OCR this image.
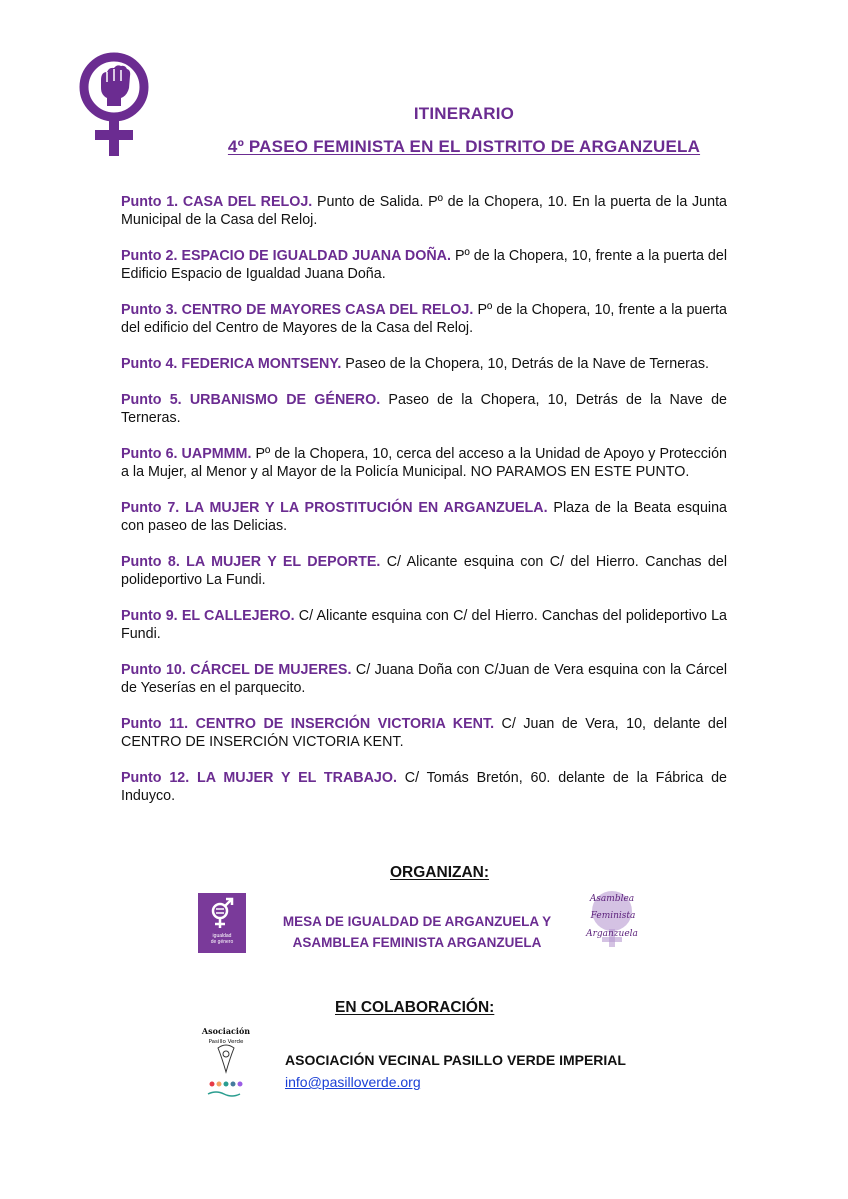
ITINERARIO
4º PASEO FEMINISTA EN EL DISTRITO DE ARGANZUELA

Punto 1. CASA DEL RELOJ. Punto de Salida. Pº de la Chopera, 10. En la puerta de la Junta Municipal de la Casa del Reloj.

Punto 2. ESPACIO DE IGUALDAD JUANA DOÑA. Pº de la Chopera, 10, frente a la puerta del Edificio Espacio de Igualdad Juana Doña.

Punto 3. CENTRO DE MAYORES CASA DEL RELOJ. Pº de la Chopera, 10, frente a la puerta del edificio del Centro de Mayores de la Casa del Reloj.

Punto 4. FEDERICA MONTSENY. Paseo de la Chopera, 10, Detrás de la Nave de Terneras.

Punto 5. URBANISMO DE GÉNERO. Paseo de la Chopera, 10, Detrás de la Nave de Terneras.

Punto 6. UAPMMM. Pº de la Chopera, 10, cerca del acceso a la Unidad de Apoyo y Protección a la Mujer, al Menor y al Mayor de la Policía Municipal. NO PARAMOS EN ESTE PUNTO.

Punto 7. LA MUJER Y LA PROSTITUCIÓN EN ARGANZUELA. Plaza de la Beata esquina con paseo de las Delicias.

Punto 8. LA MUJER Y EL DEPORTE. C/ Alicante esquina con C/ del Hierro. Canchas del polideportivo La Fundi.

Punto 9. EL CALLEJERO. C/ Alicante esquina con C/ del Hierro. Canchas del polideportivo La Fundi.

Punto 10. CÁRCEL DE MUJERES. C/ Juana Doña con C/Juan de Vera esquina con la Cárcel de Yeserías en el parquecito.

Punto 11. CENTRO DE INSERCIÓN VICTORIA KENT. C/ Juan de Vera, 10, delante del CENTRO DE INSERCIÓN VICTORIA KENT.

Punto 12. LA MUJER Y EL TRABAJO. C/ Tomás Bretón, 60. delante de la Fábrica de Induyco.

ORGANIZAN:
igualdad
de género
MESA DE IGUALDAD DE ARGANZUELA Y
ASAMBLEA FEMINISTA ARGANZUELA
Asamblea
Feminista
Arganzuela
EN COLABORACIÓN:
Asociación
Pasillo Verde
ASOCIACIÓN VECINAL PASILLO VERDE IMPERIAL
info@pasilloverde.org
